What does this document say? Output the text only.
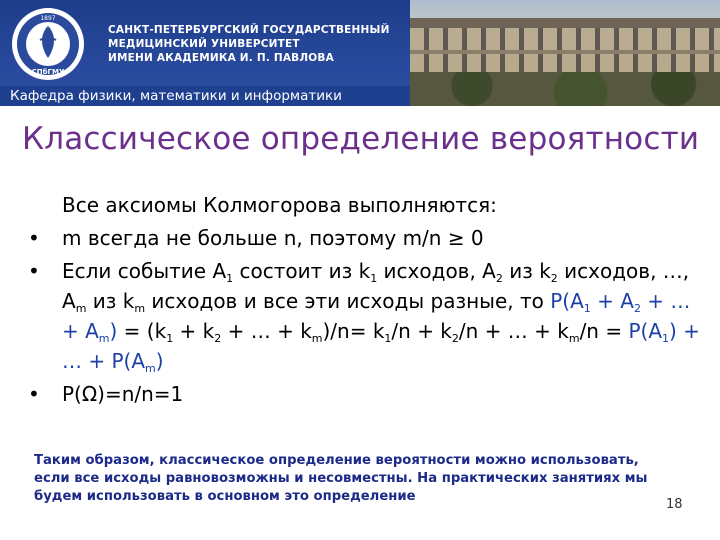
1897
СПбГМУ
САНКТ-ПЕТЕРБУРГСКИЙ ГОСУДАРСТВЕННЫЙ
МЕДИЦИНСКИЙ УНИВЕРСИТЕТ
ИМЕНИ АКАДЕМИКА И. П. ПАВЛОВА
Кафедра физики, математики и информатики
Классическое определение вероятности
Все аксиомы Колмогорова выполняются:
• m всегда не больше n, поэтому m/n ≥ 0
• Если событие $A_1$ состоит из $k_1$ исходов, $A_2$ из $k_2$ исходов, …, $A_m$ из $k_m$ исходов и все эти исходы разные, то $P(A_1 + A_2$ + … + $A_m) = (k_1 + k_2$ + … + $k_m)/n= k_1/n + k_2/n$ + … + $k_m/n = P(A_1)$ + … + $P(A_m)$
• P(Ω)=n/n=1
Таким образом, классическое определение вероятности можно использовать, если все исходы равновозможны и несовместны. На практических занятиях мы будем использовать в основном это определение
18
